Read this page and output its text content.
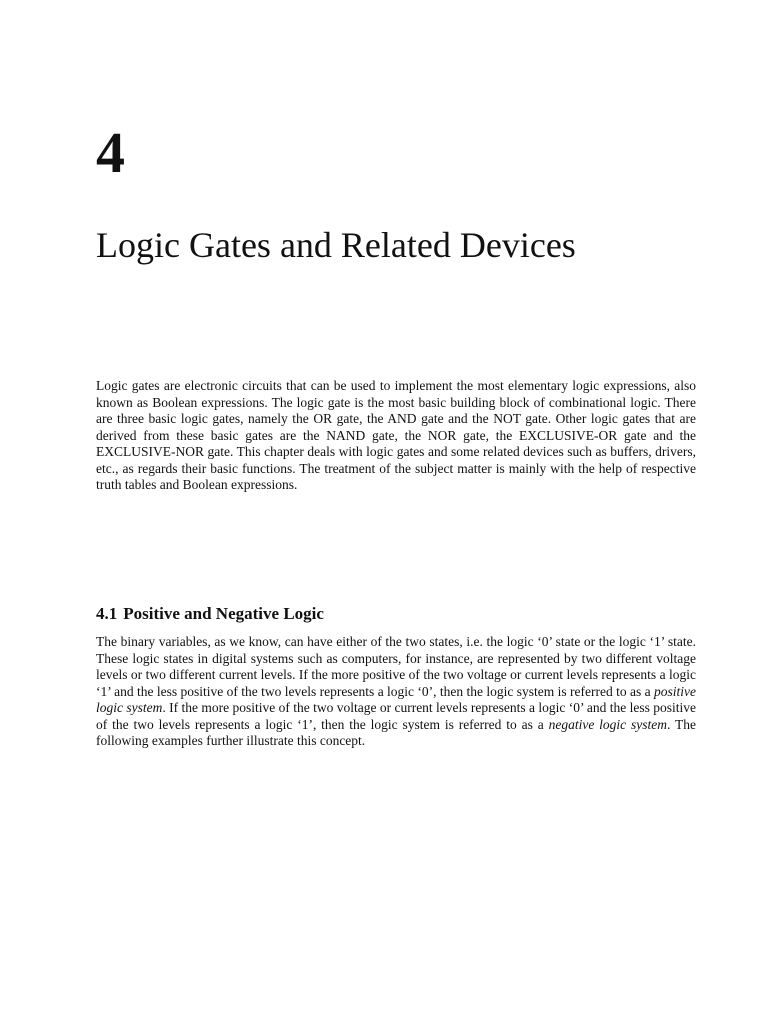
4
Logic Gates and Related Devices

Logic gates are electronic circuits that can be used to implement the most elementary logic expressions, also known as Boolean expressions. The logic gate is the most basic building block of combinational logic. There are three basic logic gates, namely the OR gate, the AND gate and the NOT gate. Other logic gates that are derived from these basic gates are the NAND gate, the NOR gate, the EXCLUSIVE-OR gate and the EXCLUSIVE-NOR gate. This chapter deals with logic gates and some related devices such as buffers, drivers, etc., as regards their basic functions. The treatment of the subject matter is mainly with the help of respective truth tables and Boolean expressions.

4.1 Positive and Negative Logic

The binary variables, as we know, can have either of the two states, i.e. the logic ‘0’ state or the logic ‘1’ state. These logic states in digital systems such as computers, for instance, are represented by two different voltage levels or two different current levels. If the more positive of the two voltage or current levels represents a logic ‘1’ and the less positive of the two levels represents a logic ‘0’, then the logic system is referred to as a positive logic system. If the more positive of the two voltage or current levels represents a logic ‘0’ and the less positive of the two levels represents a logic ‘1’, then the logic system is referred to as a negative logic system. The following examples further illustrate this concept.
